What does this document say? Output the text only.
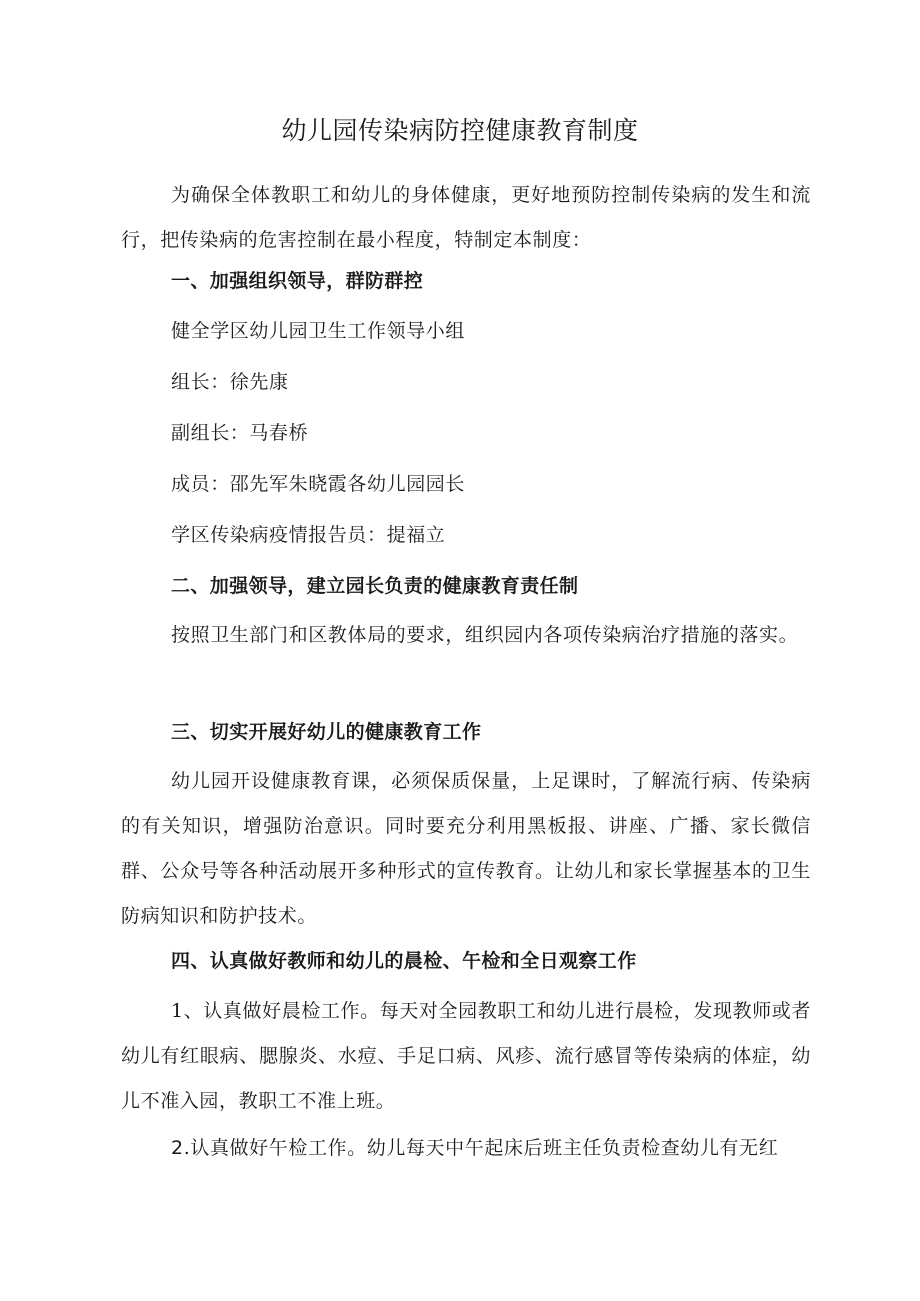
幼儿园传染病防控健康教育制度

为确保全体教职工和幼儿的身体健康，更好地预防控制传染病的发生和流行，把传染病的危害控制在最小程度，特制定本制度：

一、加强组织领导，群防群控
健全学区幼儿园卫生工作领导小组
组长：徐先康
副组长：马春桥
成员：邵先军朱晓霞各幼儿园园长
学区传染病疫情报告员：提福立
二、加强领导，建立园长负责的健康教育责任制

按照卫生部门和区教体局的要求，组织园内各项传染病治疗措施的落实。

三、切实开展好幼儿的健康教育工作

幼儿园开设健康教育课，必须保质保量，上足课时，了解流行病、传染病的有关知识，增强防治意识。同时要充分利用黑板报、讲座、广播、家长微信群、公众号等各种活动展开多种形式的宣传教育。让幼儿和家长掌握基本的卫生防病知识和防护技术。

四、认真做好教师和幼儿的晨检、午检和全日观察工作

1、认真做好晨检工作。每天对全园教职工和幼儿进行晨检，发现教师或者幼儿有红眼病、腮腺炎、水痘、手足口病、风疹、流行感冒等传染病的体症，幼儿不准入园，教职工不准上班。

2.认真做好午检工作。幼儿每天中午起床后班主任负责检查幼儿有无红
